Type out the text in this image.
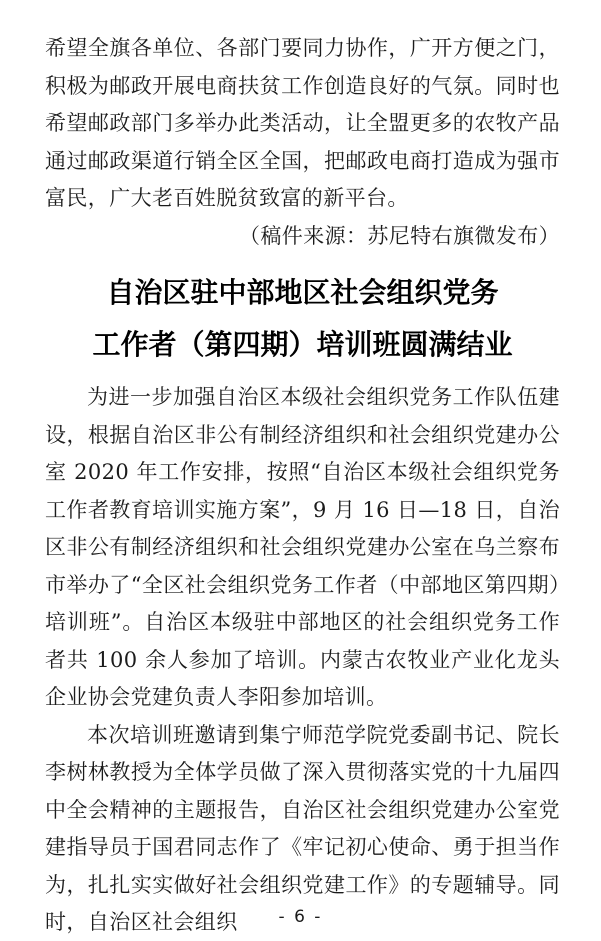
希望全旗各单位、各部门要同力协作，广开方便之门，积极为邮政开展电商扶贫工作创造良好的气氛。同时也希望邮政部门多举办此类活动，让全盟更多的农牧产品通过邮政渠道行销全区全国，把邮政电商打造成为强市富民，广大老百姓脱贫致富的新平台。

（稿件来源：苏尼特右旗微发布）

自治区驻中部地区社会组织党务
工作者（第四期）培训班圆满结业

为进一步加强自治区本级社会组织党务工作队伍建设，根据自治区非公有制经济组织和社会组织党建办公室 2020 年工作安排，按照“自治区本级社会组织党务工作者教育培训实施方案”，9 月 16 日—18 日，自治区非公有制经济组织和社会组织党建办公室在乌兰察布市举办了“全区社会组织党务工作者（中部地区第四期）培训班”。自治区本级驻中部地区的社会组织党务工作者共 100 余人参加了培训。内蒙古农牧业产业化龙头企业协会党建负责人李阳参加培训。

本次培训班邀请到集宁师范学院党委副书记、院长李树林教授为全体学员做了深入贯彻落实党的十九届四中全会精神的主题报告，自治区社会组织党建办公室党建指导员于国君同志作了《牢记初心使命、勇于担当作为，扎扎实实做好社会组织党建工作》的专题辅导。同时，自治区社会组织	- 6 -
